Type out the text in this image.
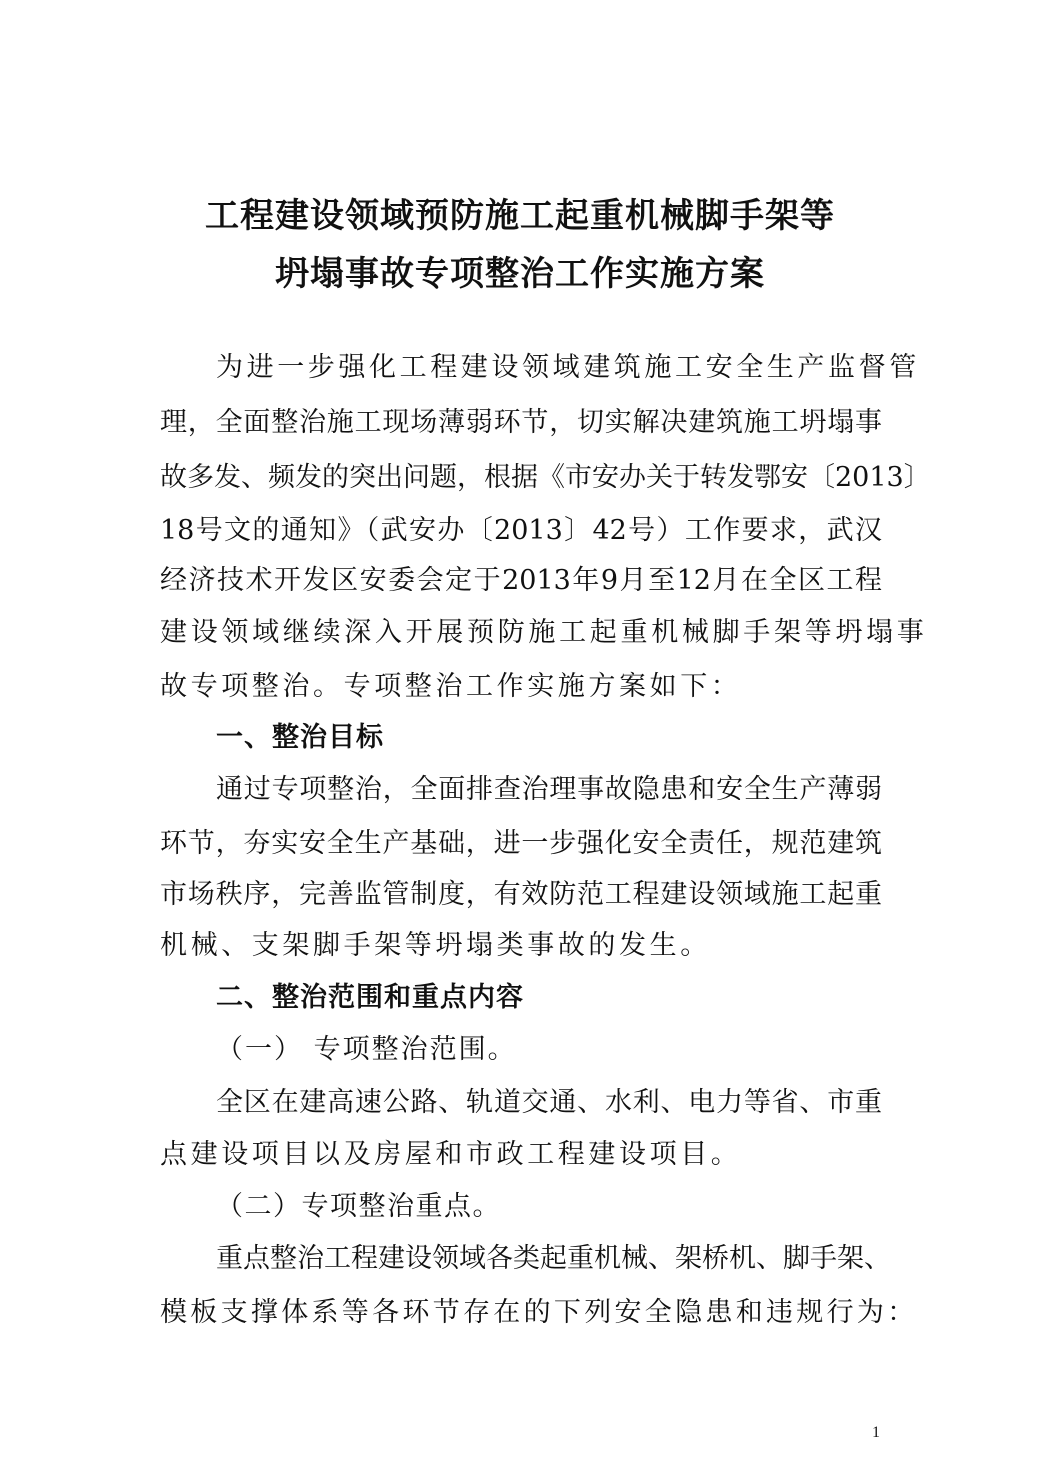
工程建设领域预防施工起重机械脚手架等
坍塌事故专项整治工作实施方案
为进一步强化工程建设领域建筑施工安全生产监督管
理，全面整治施工现场薄弱环节，切实解决建筑施工坍塌事
故多发、频发的突出问题，根据《市安办关于转发鄂安〔2013〕
18号文的通知》（武安办〔2013〕42号）工作要求，武汉
经济技术开发区安委会定于2013年9月至12月在全区工程
建设领域继续深入开展预防施工起重机械脚手架等坍塌事
故专项整治。专项整治工作实施方案如下：
一、整治目标
通过专项整治，全面排查治理事故隐患和安全生产薄弱
环节，夯实安全生产基础，进一步强化安全责任，规范建筑
市场秩序，完善监管制度，有效防范工程建设领域施工起重
机械、支架脚手架等坍塌类事故的发生。
二、整治范围和重点内容
（一） 专项整治范围。
全区在建高速公路、轨道交通、水利、电力等省、市重
点建设项目以及房屋和市政工程建设项目。
（二）专项整治重点。
重点整治工程建设领域各类起重机械、架桥机、脚手架、
模板支撑体系等各环节存在的下列安全隐患和违规行为：
1
